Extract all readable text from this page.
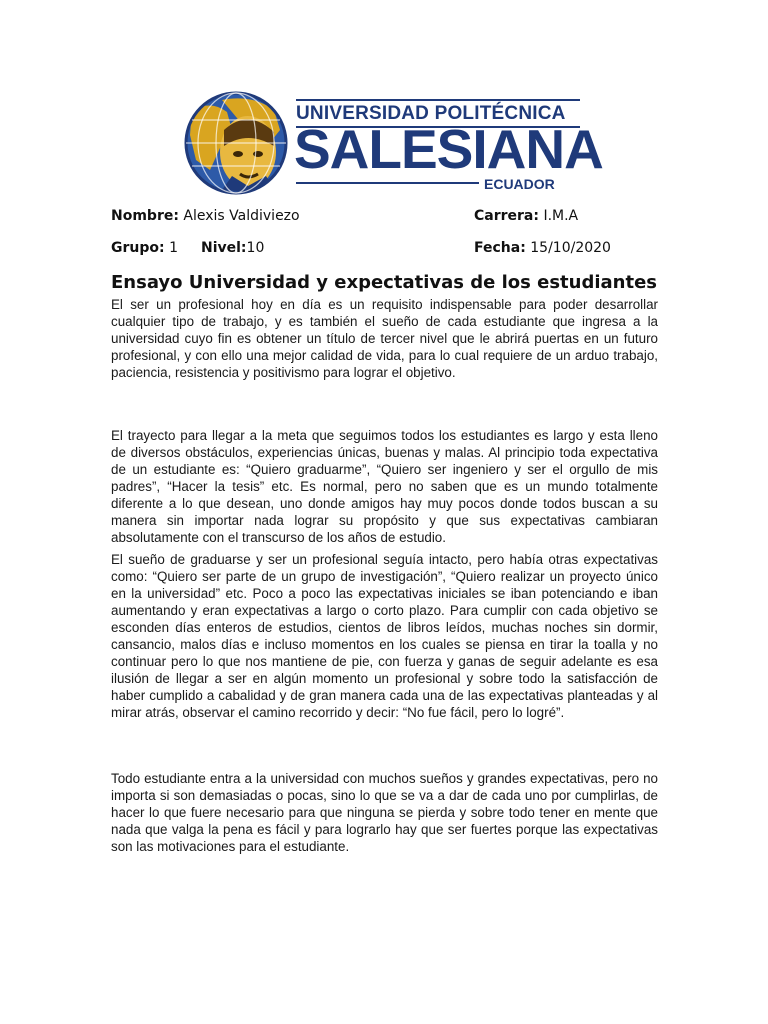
UNIVERSIDAD POLITÉCNICA
SALESIANA
ECUADOR
Nombre: Alexis Valdiviezo	Carrera: I.M.A
Grupo: 1 Nivel:10	Fecha: 15/10/2020
Ensayo Universidad y expectativas de los estudiantes

El ser un profesional hoy en día es un requisito indispensable para poder desarrollar cualquier tipo de trabajo, y es también el sueño de cada estudiante que ingresa a la universidad cuyo fin es obtener un título de tercer nivel que le abrirá puertas en un futuro profesional, y con ello una mejor calidad de vida, para lo cual requiere de un arduo trabajo, paciencia, resistencia y positivismo para lograr el objetivo.

El trayecto para llegar a la meta que seguimos todos los estudiantes es largo y esta lleno de diversos obstáculos, experiencias únicas, buenas y malas. Al principio toda expectativa de un estudiante es: “Quiero graduarme”, “Quiero ser ingeniero y ser el orgullo de mis padres”, “Hacer la tesis” etc. Es normal, pero no saben que es un mundo totalmente diferente a lo que desean, uno donde amigos hay muy pocos donde todos buscan a su manera sin importar nada lograr su propósito y que sus expectativas cambiaran absolutamente con el transcurso de los años de estudio.

El sueño de graduarse y ser un profesional seguía intacto, pero había otras expectativas como: “Quiero ser parte de un grupo de investigación”, “Quiero realizar un proyecto único en la universidad” etc. Poco a poco las expectativas iniciales se iban potenciando e iban aumentando y eran expectativas a largo o corto plazo. Para cumplir con cada objetivo se esconden días enteros de estudios, cientos de libros leídos, muchas noches sin dormir, cansancio, malos días e incluso momentos en los cuales se piensa en tirar la toalla y no continuar pero lo que nos mantiene de pie, con fuerza y ganas de seguir adelante es esa ilusión de llegar a ser en algún momento un profesional y sobre todo la satisfacción de haber cumplido a cabalidad y de gran manera cada una de las expectativas planteadas y al mirar atrás, observar el camino recorrido y decir: “No fue fácil, pero lo logré”.

Todo estudiante entra a la universidad con muchos sueños y grandes expectativas, pero no importa si son demasiadas o pocas, sino lo que se va a dar de cada uno por cumplirlas, de hacer lo que fuere necesario para que ninguna se pierda y sobre todo tener en mente que nada que valga la pena es fácil y para lograrlo hay que ser fuertes porque las expectativas son las motivaciones para el estudiante.
